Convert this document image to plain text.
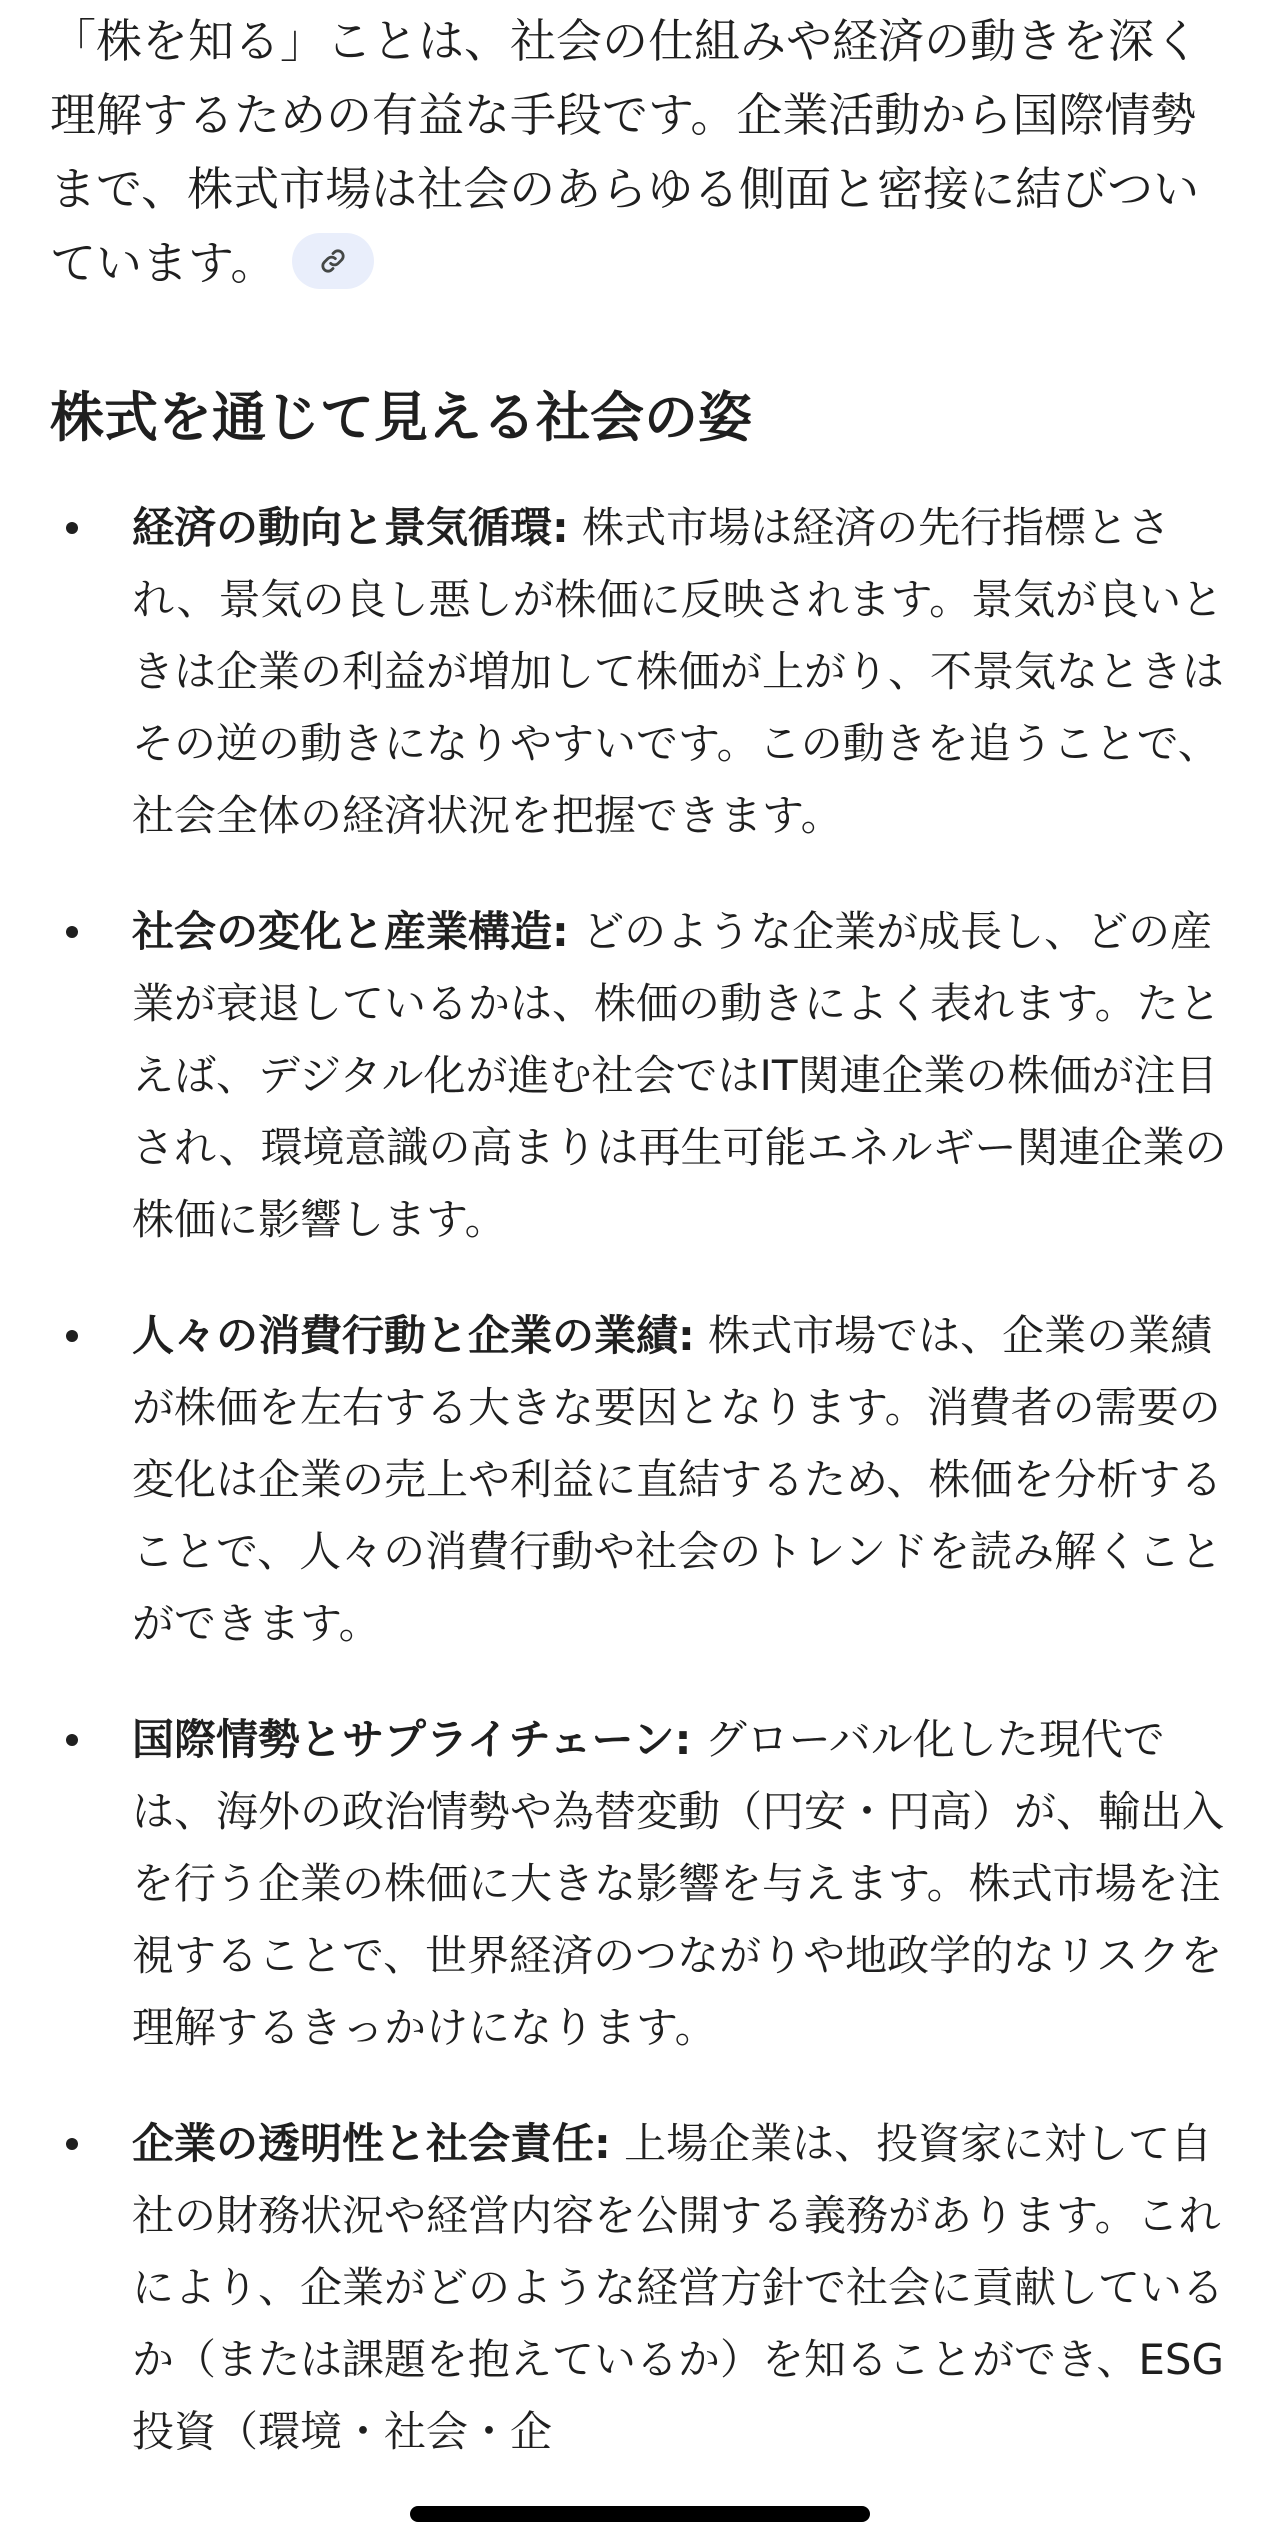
「株を知る」ことは、社会の仕組みや経済の動きを深く理解するための有益な手段です。企業活動から国際情勢まで、株式市場は社会のあらゆる側面と密接に結びついています。

株式を通じて見える社会の姿
経済の動向と景気循環: 株式市場は経済の先行指標とされ、景気の良し悪しが株価に反映されます。景気が良いときは企業の利益が増加して株価が上がり、不景気なときはその逆の動きになりやすいです。この動きを追うことで、社会全体の経済状況を把握できます。
社会の変化と産業構造: どのような企業が成長し、どの産業が衰退しているかは、株価の動きによく表れます。たとえば、デジタル化が進む社会ではIT関連企業の株価が注目され、環境意識の高まりは再生可能エネルギー関連企業の株価に影響します。
人々の消費行動と企業の業績: 株式市場では、企業の業績が株価を左右する大きな要因となります。消費者の需要の変化は企業の売上や利益に直結するため、株価を分析することで、人々の消費行動や社会のトレンドを読み解くことができます。
国際情勢とサプライチェーン: グローバル化した現代では、海外の政治情勢や為替変動（円安・円高）が、輸出入を行う企業の株価に大きな影響を与えます。株式市場を注視することで、世界経済のつながりや地政学的なリスクを理解するきっかけになります。
企業の透明性と社会責任: 上場企業は、投資家に対して自社の財務状況や経営内容を公開する義務があります。これにより、企業がどのような経営方針で社会に貢献しているか（または課題を抱えているか）を知ることができ、ESG投資（環境・社会・企
